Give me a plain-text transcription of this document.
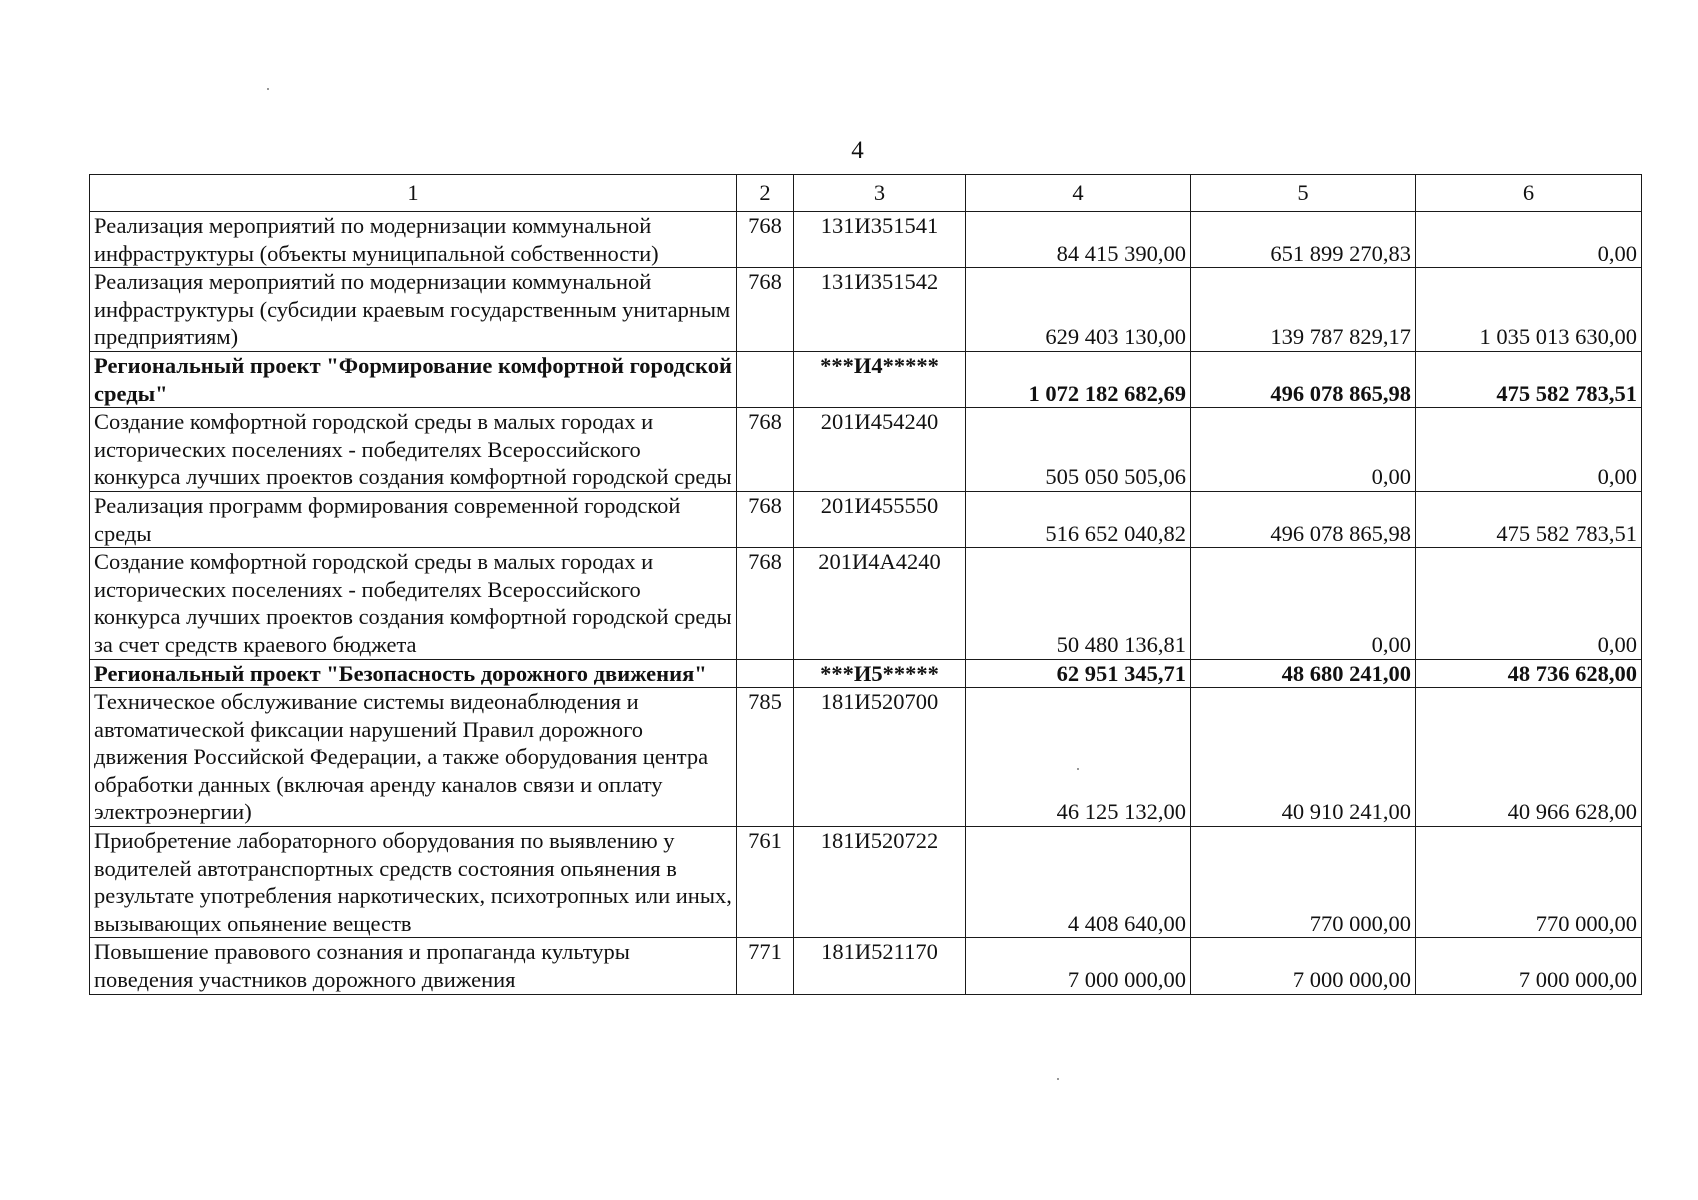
4
1	2	3	4	5	6
Реализация мероприятий по модернизации коммунальной инфраструктуры (объекты муниципальной собственности)	768	131И351541	84 415 390,00	651 899 270,83	0,00
Реализация мероприятий по модернизации коммунальной инфраструктуры (субсидии краевым государственным унитарным предприятиям)	768	131И351542	629 403 130,00	139 787 829,17	1 035 013 630,00
Региональный проект "Формирование комфортной городской среды"		***И4*****	1 072 182 682,69	496 078 865,98	475 582 783,51
Создание комфортной городской среды в малых городах и исторических поселениях - победителях Всероссийского конкурса лучших проектов создания комфортной городской среды	768	201И454240	505 050 505,06	0,00	0,00
Реализация программ формирования современной городской среды	768	201И455550	516 652 040,82	496 078 865,98	475 582 783,51
Создание комфортной городской среды в малых городах и исторических поселениях - победителях Всероссийского конкурса лучших проектов создания комфортной городской среды за счет средств краевого бюджета	768	201И4А4240	50 480 136,81	0,00	0,00
Региональный проект "Безопасность дорожного движения"		***И5*****	62 951 345,71	48 680 241,00	48 736 628,00
Техническое обслуживание системы видеонаблюдения и автоматической фиксации нарушений Правил дорожного движения Российской Федерации, а также оборудования центра обработки данных (включая аренду каналов связи и оплату электроэнергии)	785	181И520700	46 125 132,00	40 910 241,00	40 966 628,00
Приобретение лабораторного оборудования по выявлению у водителей автотранспортных средств состояния опьянения в результате употребления наркотических, психотропных или иных, вызывающих опьянение веществ	761	181И520722	4 408 640,00	770 000,00	770 000,00
Повышение правового сознания и пропаганда культуры поведения участников дорожного движения	771	181И521170	7 000 000,00	7 000 000,00	7 000 000,00
